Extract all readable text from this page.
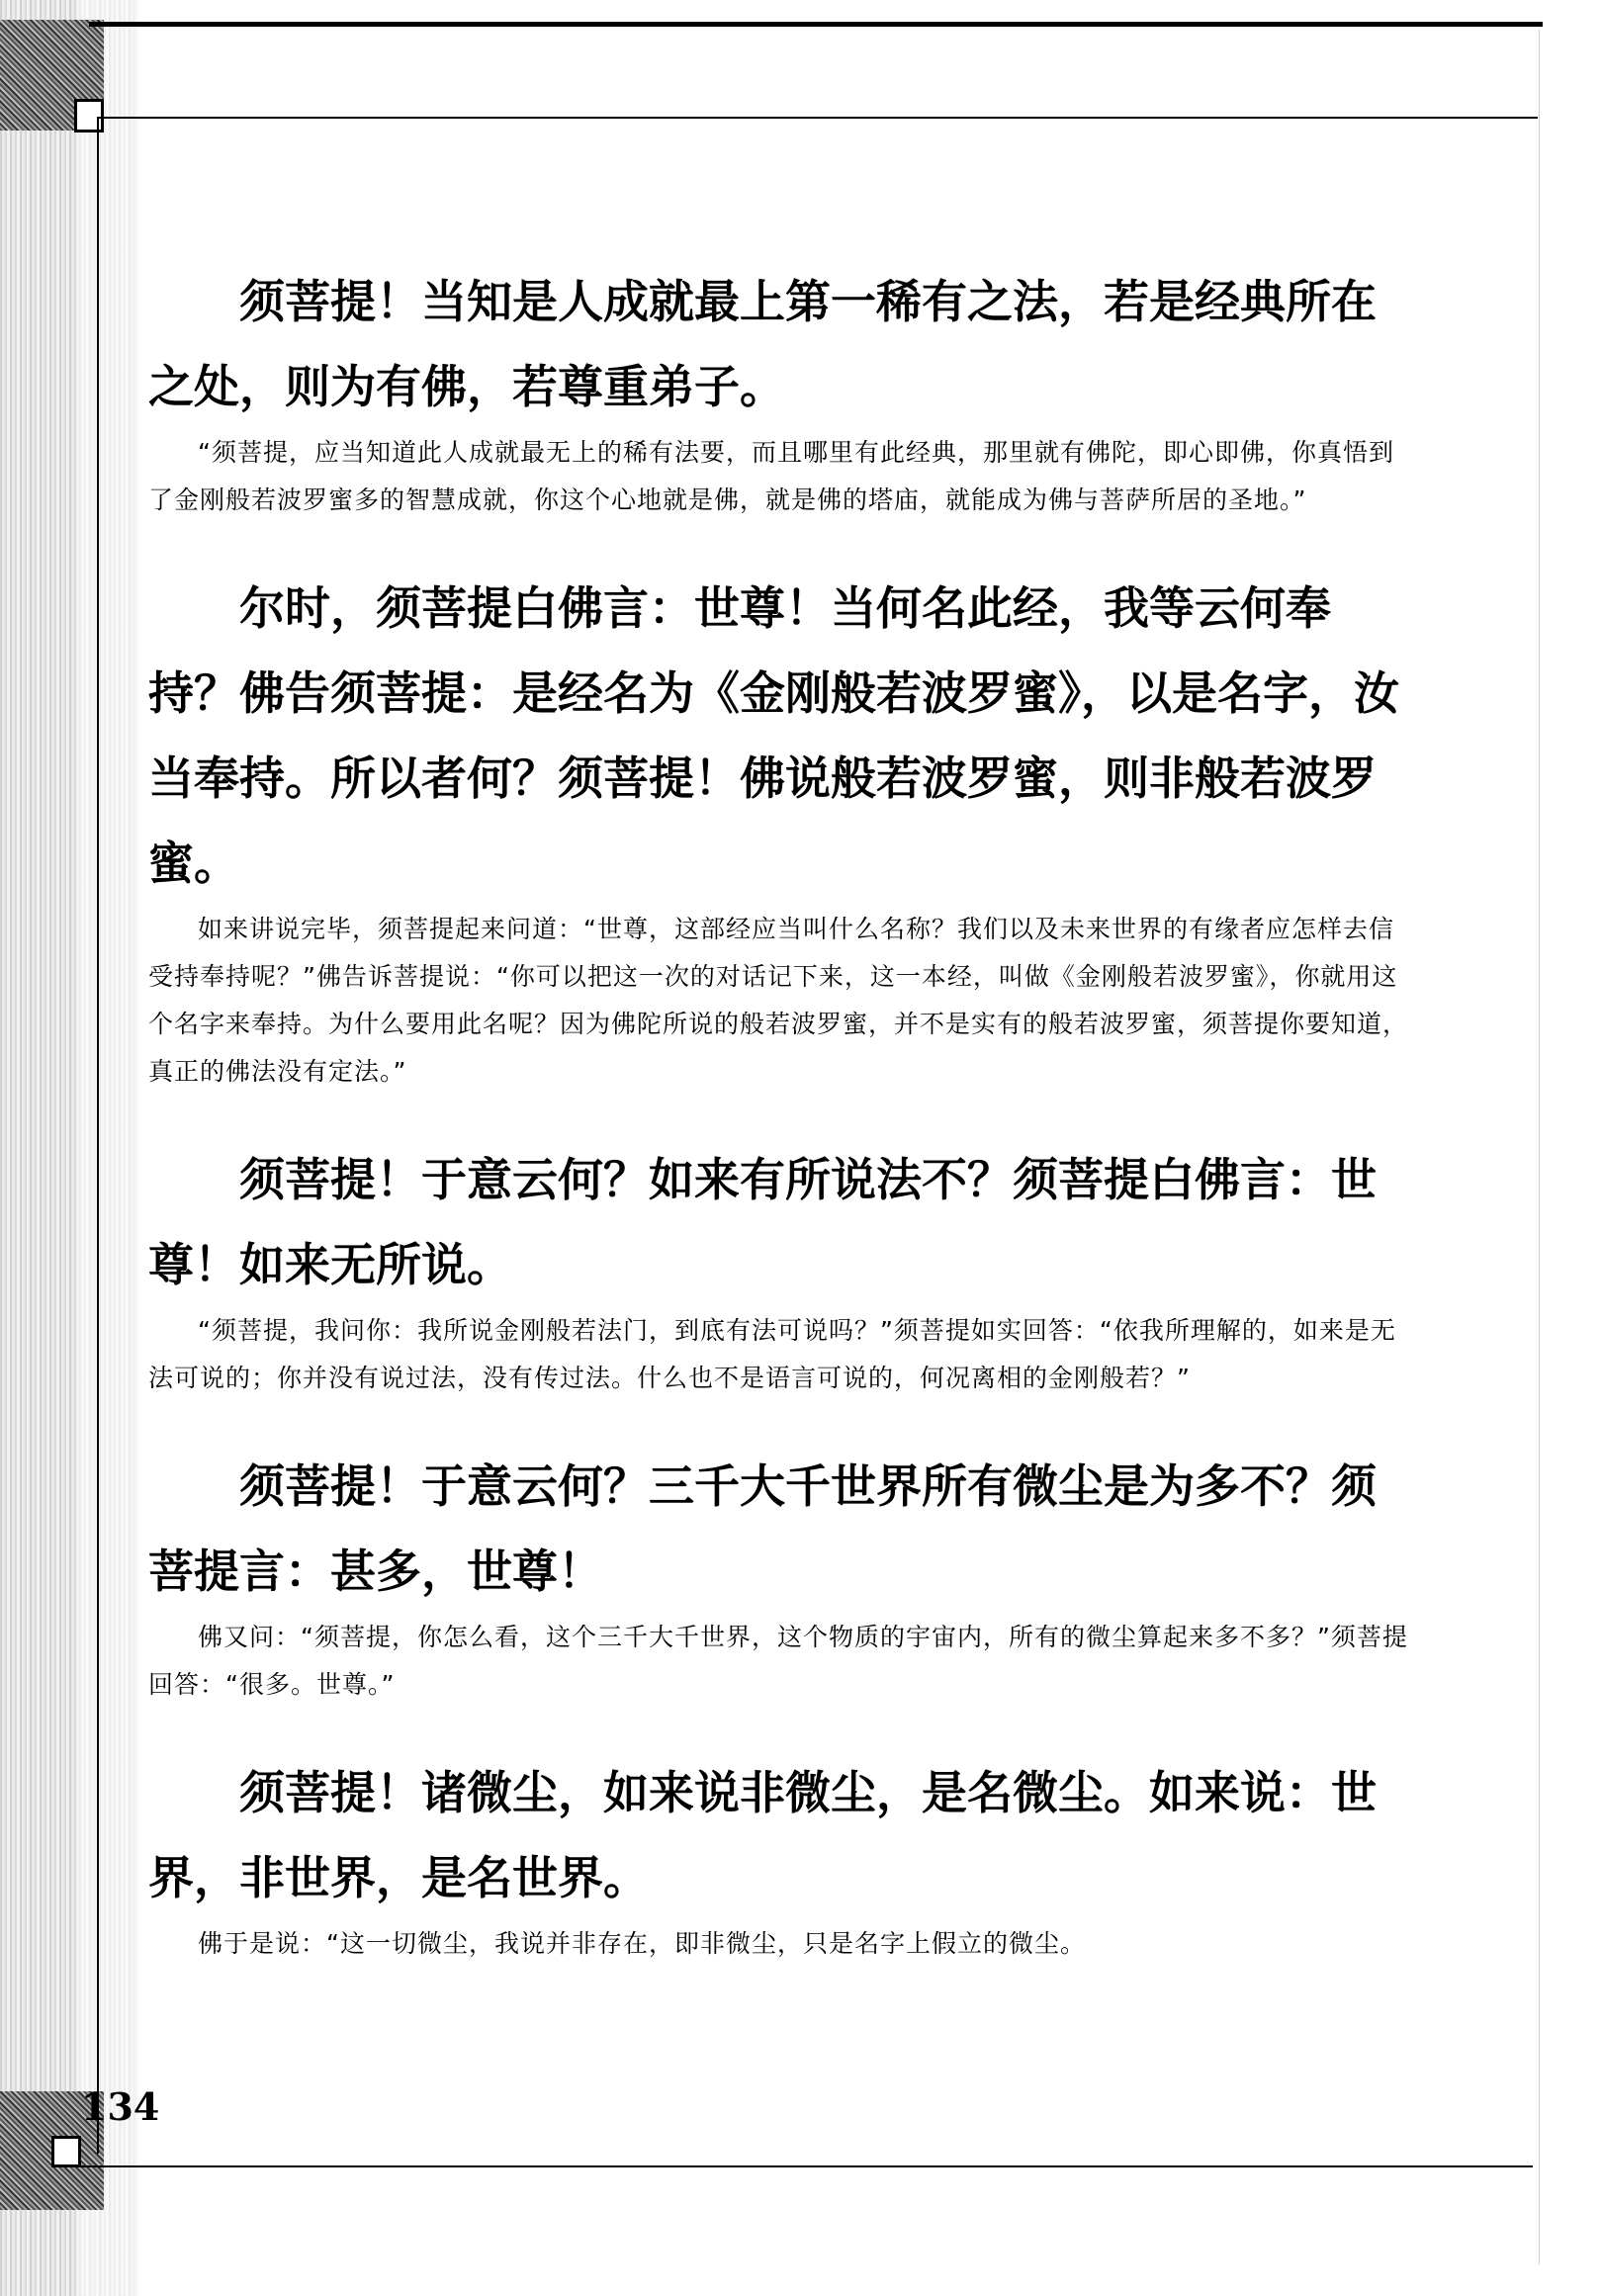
须菩提！当知是人成就最上第一稀有之法，若是经典所在之处，则为有佛，若尊重弟子。

“须菩提，应当知道此人成就最无上的稀有法要，而且哪里有此经典，那里就有佛陀，即心即佛，你真悟到了金刚般若波罗蜜多的智慧成就，你这个心地就是佛，就是佛的塔庙，就能成为佛与菩萨所居的圣地。”

尔时，须菩提白佛言：世尊！当何名此经，我等云何奉持？佛告须菩提：是经名为《金刚般若波罗蜜》，以是名字，汝当奉持。所以者何？须菩提！佛说般若波罗蜜，则非般若波罗蜜。

如来讲说完毕，须菩提起来问道：“世尊，这部经应当叫什么名称？我们以及未来世界的有缘者应怎样去信受持奉持呢？”佛告诉菩提说：“你可以把这一次的对话记下来，这一本经，叫做《金刚般若波罗蜜》，你就用这个名字来奉持。为什么要用此名呢？因为佛陀所说的般若波罗蜜，并不是实有的般若波罗蜜，须菩提你要知道，真正的佛法没有定法。”

须菩提！于意云何？如来有所说法不？须菩提白佛言：世尊！如来无所说。

“须菩提，我问你：我所说金刚般若法门，到底有法可说吗？”须菩提如实回答：“依我所理解的，如来是无法可说的；你并没有说过法，没有传过法。什么也不是语言可说的，何况离相的金刚般若？”

须菩提！于意云何？三千大千世界所有微尘是为多不？须菩提言：甚多，世尊！

佛又问：“须菩提，你怎么看，这个三千大千世界，这个物质的宇宙内，所有的微尘算起来多不多？”须菩提回答：“很多。世尊。”

须菩提！诸微尘，如来说非微尘，是名微尘。如来说：世界，非世界，是名世界。

佛于是说：“这一切微尘，我说并非存在，即非微尘，只是名字上假立的微尘。

134
